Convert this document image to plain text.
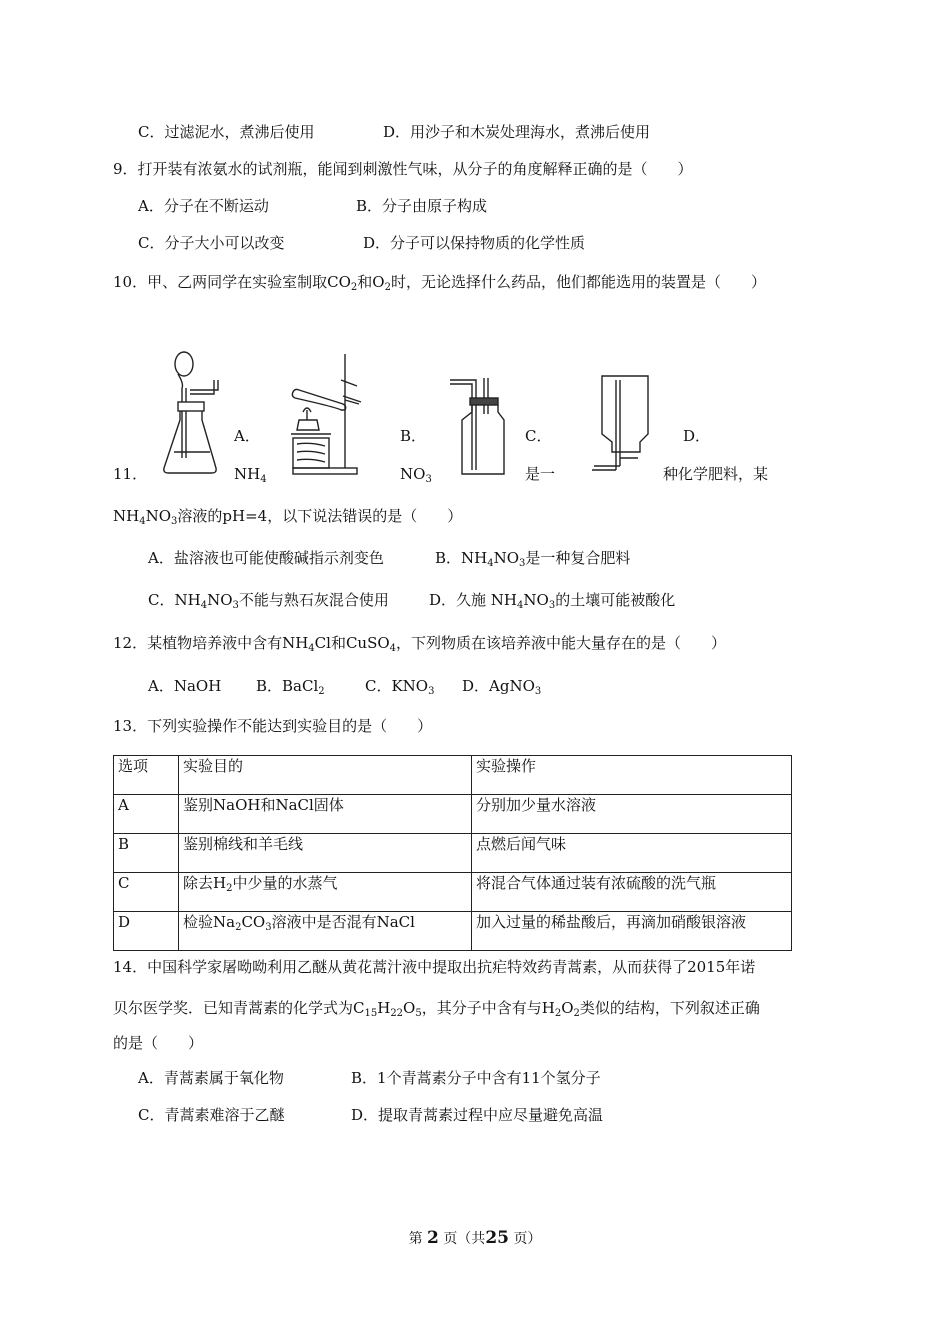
C．过滤泥水，煮沸后使用	D．用沙子和木炭处理海水，煮沸后使用
9．打开装有浓氨水的试剂瓶，能闻到刺激性气味，从分子的角度解释正确的是（　　）
A．分子在不断运动	B．分子由原子构成
C．分子大小可以改变	D．分子可以保持物质的化学性质
10．甲、乙两同学在实验室制取$CO_2$和$O_2$时，无论选择什么药品，他们都能选用的装置是（　　）
A．	B．	C．	D．
11．	$NH_4$	$NO_3$	是一	种化学肥料，某
$NH_4NO_3$溶液的pH=4，以下说法错误的是（　　）
A．盐溶液也可能使酸碱指示剂变色	B．$NH_4NO_3$是一种复合肥料
C．$NH_4NO_3$不能与熟石灰混合使用	D．久施 $NH_4NO_3$的土壤可能被酸化
12．某植物培养液中含有$NH_4Cl$和CuSO$_4$，下列物质在该培养液中能大量存在的是（　　）
A．NaOH B．BaCl$_2$	C．$KNO_3$ D．AgNO$_3$
13．下列实验操作不能达到实验目的是（　　）
选项	实验目的	实验操作
A	鉴别NaOH和NaCl固体	分别加少量水溶液
B	鉴别棉线和羊毛线	点燃后闻气味
C	除去$H_2$中少量的水蒸气	将混合气体通过装有浓硫酸的洗气瓶
D	检验$Na_2CO_3$溶液中是否混有NaCl	加入过量的稀盐酸后，再滴加硝酸银溶液
14．中国科学家屠呦呦利用乙醚从黄花蒿汁液中提取出抗疟特效药青蒿素，从而获得了2015年诺
贝尔医学奖．已知青蒿素的化学式为$C_{15}H_{22}O_5$，其分子中含有与$H_2O_2$类似的结构，下列叙述正确
的是（　　）
A．青蒿素属于氧化物	B．1个青蒿素分子中含有11个氢分子
C．青蒿素难溶于乙醚	D．提取青蒿素过程中应尽量避免高温
第 2 页（共25 页）
